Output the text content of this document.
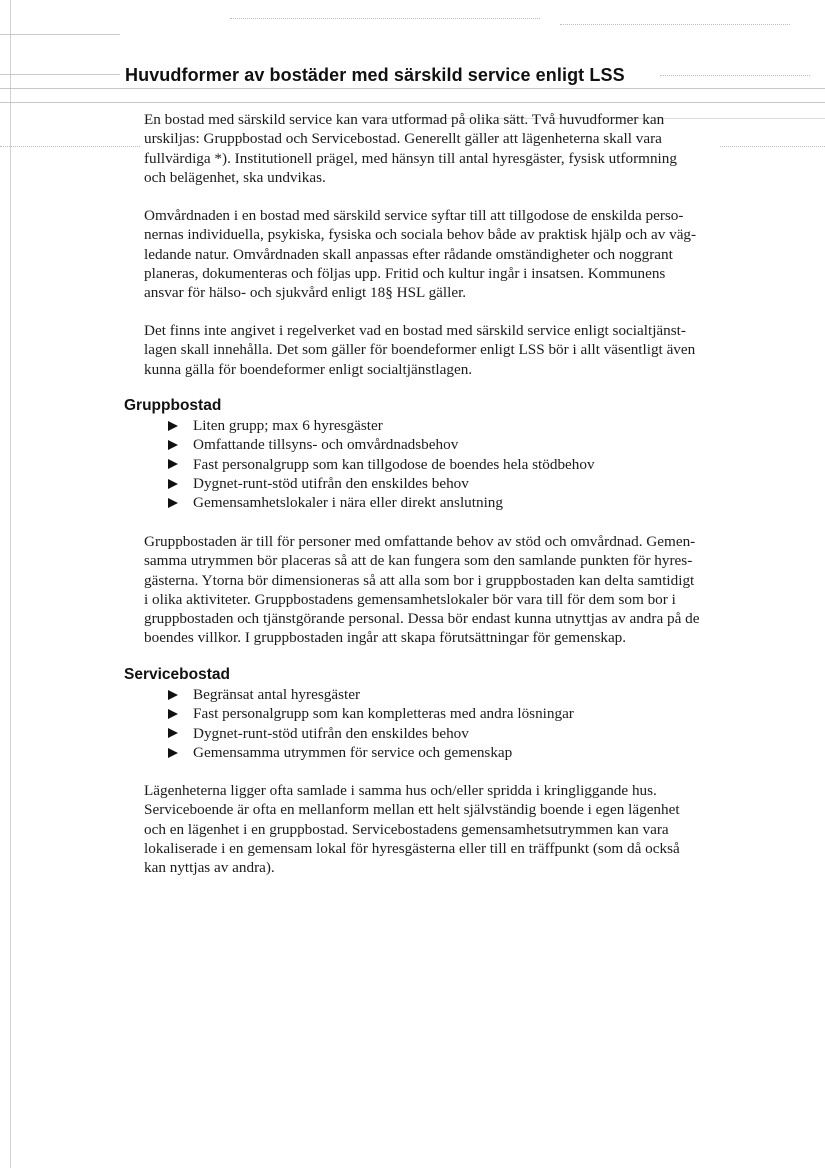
Huvudformer av bostäder med särskild service enligt LSS

En bostad med särskild service kan vara utformad på olika sätt. Två huvudformer kan
urskiljas: Gruppbostad och Servicebostad. Generellt gäller att lägenheterna skall vara
fullvärdiga *). Institutionell prägel, med hänsyn till antal hyresgäster, fysisk utformning
och belägenhet, ska undvikas.

Omvårdnaden i en bostad med särskild service syftar till att tillgodose de enskilda perso-
nernas individuella, psykiska, fysiska och sociala behov både av praktisk hjälp och av väg-
ledande natur. Omvårdnaden skall anpassas efter rådande omständigheter och noggrant
planeras, dokumenteras och följas upp. Fritid och kultur ingår i insatsen. Kommunens
ansvar för hälso- och sjukvård enligt 18§ HSL gäller.

Det finns inte angivet i regelverket vad en bostad med särskild service enligt socialtjänst-
lagen skall innehålla. Det som gäller för boendeformer enligt LSS bör i allt väsentligt även
kunna gälla för boendeformer enligt socialtjänstlagen.

Gruppbostad
Liten grupp; max 6 hyresgäster
Omfattande tillsyns- och omvårdnadsbehov
Fast personalgrupp som kan tillgodose de boendes hela stödbehov
Dygnet-runt-stöd utifrån den enskildes behov
Gemensamhetslokaler i nära eller direkt anslutning

Gruppbostaden är till för personer med omfattande behov av stöd och omvårdnad. Gemen-
samma utrymmen bör placeras så att de kan fungera som den samlande punkten för hyres-
gästerna. Ytorna bör dimensioneras så att alla som bor i gruppbostaden kan delta samtidigt
i olika aktiviteter. Gruppbostadens gemensamhetslokaler bör vara till för dem som bor i
gruppbostaden och tjänstgörande personal. Dessa bör endast kunna utnyttjas av andra på de
boendes villkor. I gruppbostaden ingår att skapa förutsättningar för gemenskap.

Servicebostad
Begränsat antal hyresgäster
Fast personalgrupp som kan kompletteras med andra lösningar
Dygnet-runt-stöd utifrån den enskildes behov
Gemensamma utrymmen för service och gemenskap

Lägenheterna ligger ofta samlade i samma hus och/eller spridda i kringliggande hus.
Serviceboende är ofta en mellanform mellan ett helt självständig boende i egen lägenhet
och en lägenhet i en gruppbostad. Servicebostadens gemensamhetsutrymmen kan vara
lokaliserade i en gemensam lokal för hyresgästerna eller till en träffpunkt (som då också
kan nyttjas av andra).
